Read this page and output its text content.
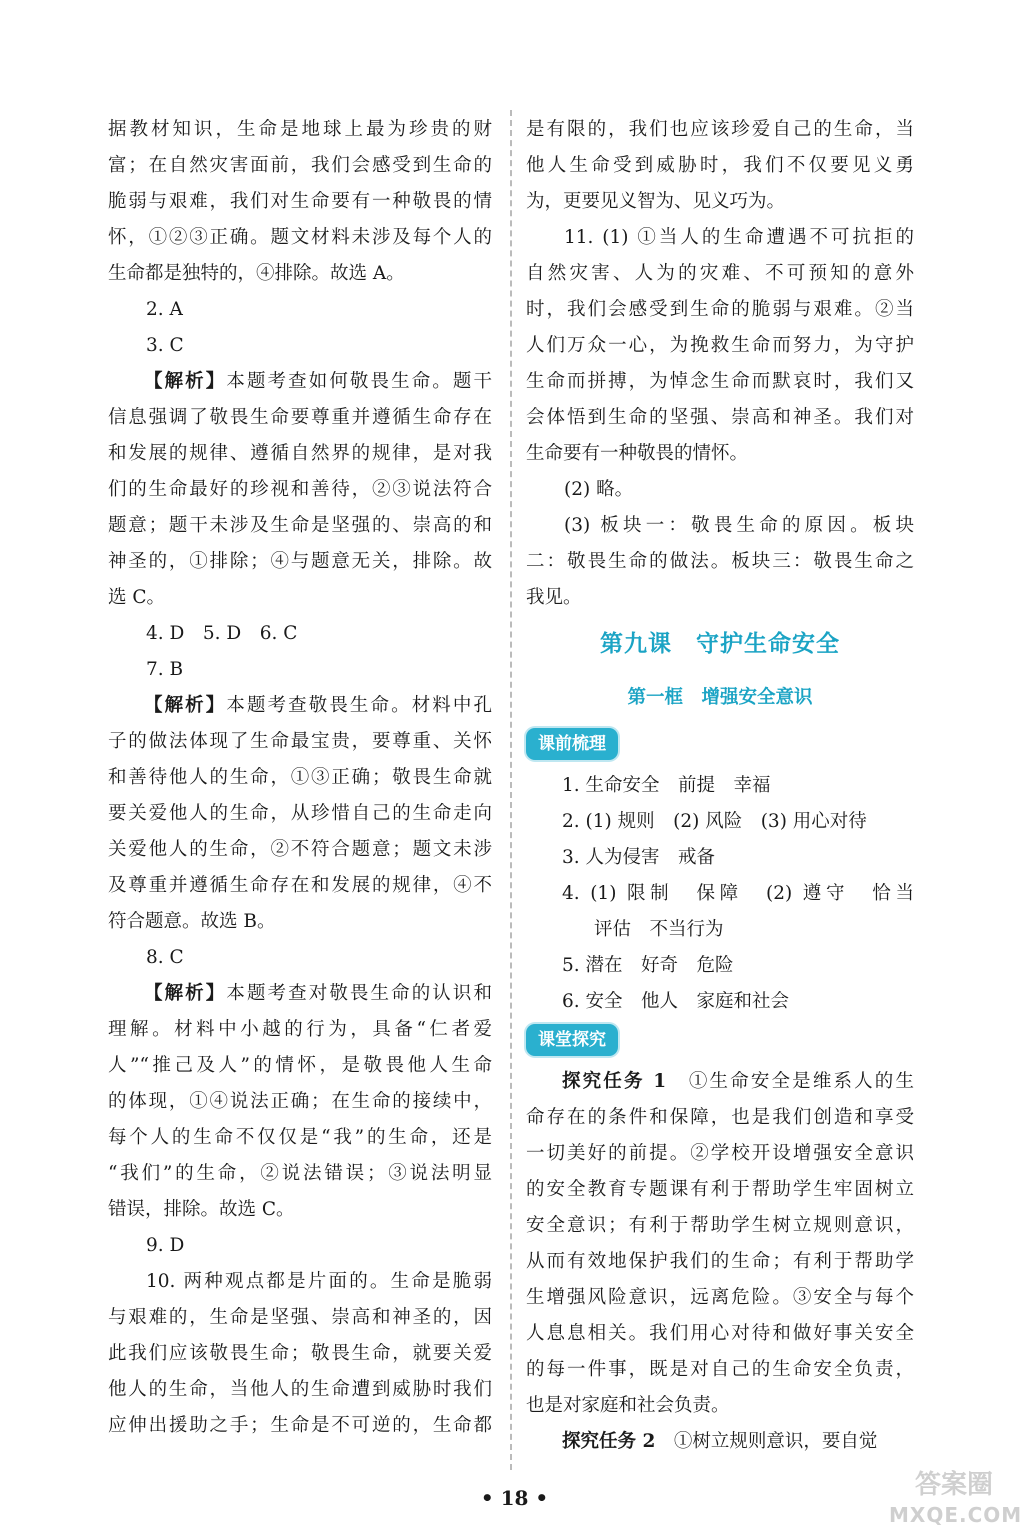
据教材知识，生命是地球上最为珍贵的财
富；在自然灾害面前，我们会感受到生命的
脆弱与艰难，我们对生命要有一种敬畏的情
怀，①②③正确。题文材料未涉及每个人的
生命都是独特的，④排除。故选 A。
2. A
3. C
【解析】本题考查如何敬畏生命。题干
信息强调了敬畏生命要尊重并遵循生命存在
和发展的规律、遵循自然界的规律，是对我
们的生命最好的珍视和善待，②③说法符合
题意；题干未涉及生命是坚强的、崇高的和
神圣的，①排除；④与题意无关，排除。故
选 C。
4. D　5. D　6. C
7. B
【解析】本题考查敬畏生命。材料中孔
子的做法体现了生命最宝贵，要尊重、关怀
和善待他人的生命，①③正确；敬畏生命就
要关爱他人的生命，从珍惜自己的生命走向
关爱他人的生命，②不符合题意；题文未涉
及尊重并遵循生命存在和发展的规律，④不
符合题意。故选 B。
8. C
【解析】本题考查对敬畏生命的认识和
理解。材料中小越的行为，具备“仁者爱
人”“推己及人”的情怀，是敬畏他人生命
的体现，①④说法正确；在生命的接续中，
每个人的生命不仅仅是“我”的生命，还是
“我们”的生命，②说法错误；③说法明显
错误，排除。故选 C。
9. D
10. 两种观点都是片面的。生命是脆弱
与艰难的，生命是坚强、崇高和神圣的，因
此我们应该敬畏生命；敬畏生命，就要关爱
他人的生命，当他人的生命遭到威胁时我们
应伸出援助之手；生命是不可逆的，生命都
是有限的，我们也应该珍爱自己的生命，当
他人生命受到威胁时，我们不仅要见义勇
为，更要见义智为、见义巧为。
11. (1) ①当人的生命遭遇不可抗拒的
自然灾害、人为的灾难、不可预知的意外
时，我们会感受到生命的脆弱与艰难。②当
人们万众一心，为挽救生命而努力，为守护
生命而拼搏，为悼念生命而默哀时，我们又
会体悟到生命的坚强、崇高和神圣。我们对
生命要有一种敬畏的情怀。
(2) 略。
(3) 板块一：敬畏生命的原因。板块
二：敬畏生命的做法。板块三：敬畏生命之
我见。
第九课　守护生命安全
第一框　增强安全意识
课前梳理
1. 生命安全　前提　幸福
2. (1) 规则　(2) 风险　(3) 用心对待
3. 人为侵害　戒备
4. (1) 限制　保障　(2) 遵守　恰当
评估　不当行为
5. 潜在　好奇　危险
6. 安全　他人　家庭和社会
课堂探究
探究任务 1　 ①生命安全是维系人的生
命存在的条件和保障，也是我们创造和享受
一切美好的前提。②学校开设增强安全意识
的安全教育专题课有利于帮助学生牢固树立
安全意识；有利于帮助学生树立规则意识，
从而有效地保护我们的生命；有利于帮助学
生增强风险意识，远离危险。③安全与每个
人息息相关。我们用心对待和做好事关安全
的每一件事，既是对自己的生命安全负责，
也是对家庭和社会负责。
探究任务 2　 ①树立规则意识，要自觉
• 18 •	答案圈
MXQE.COM
